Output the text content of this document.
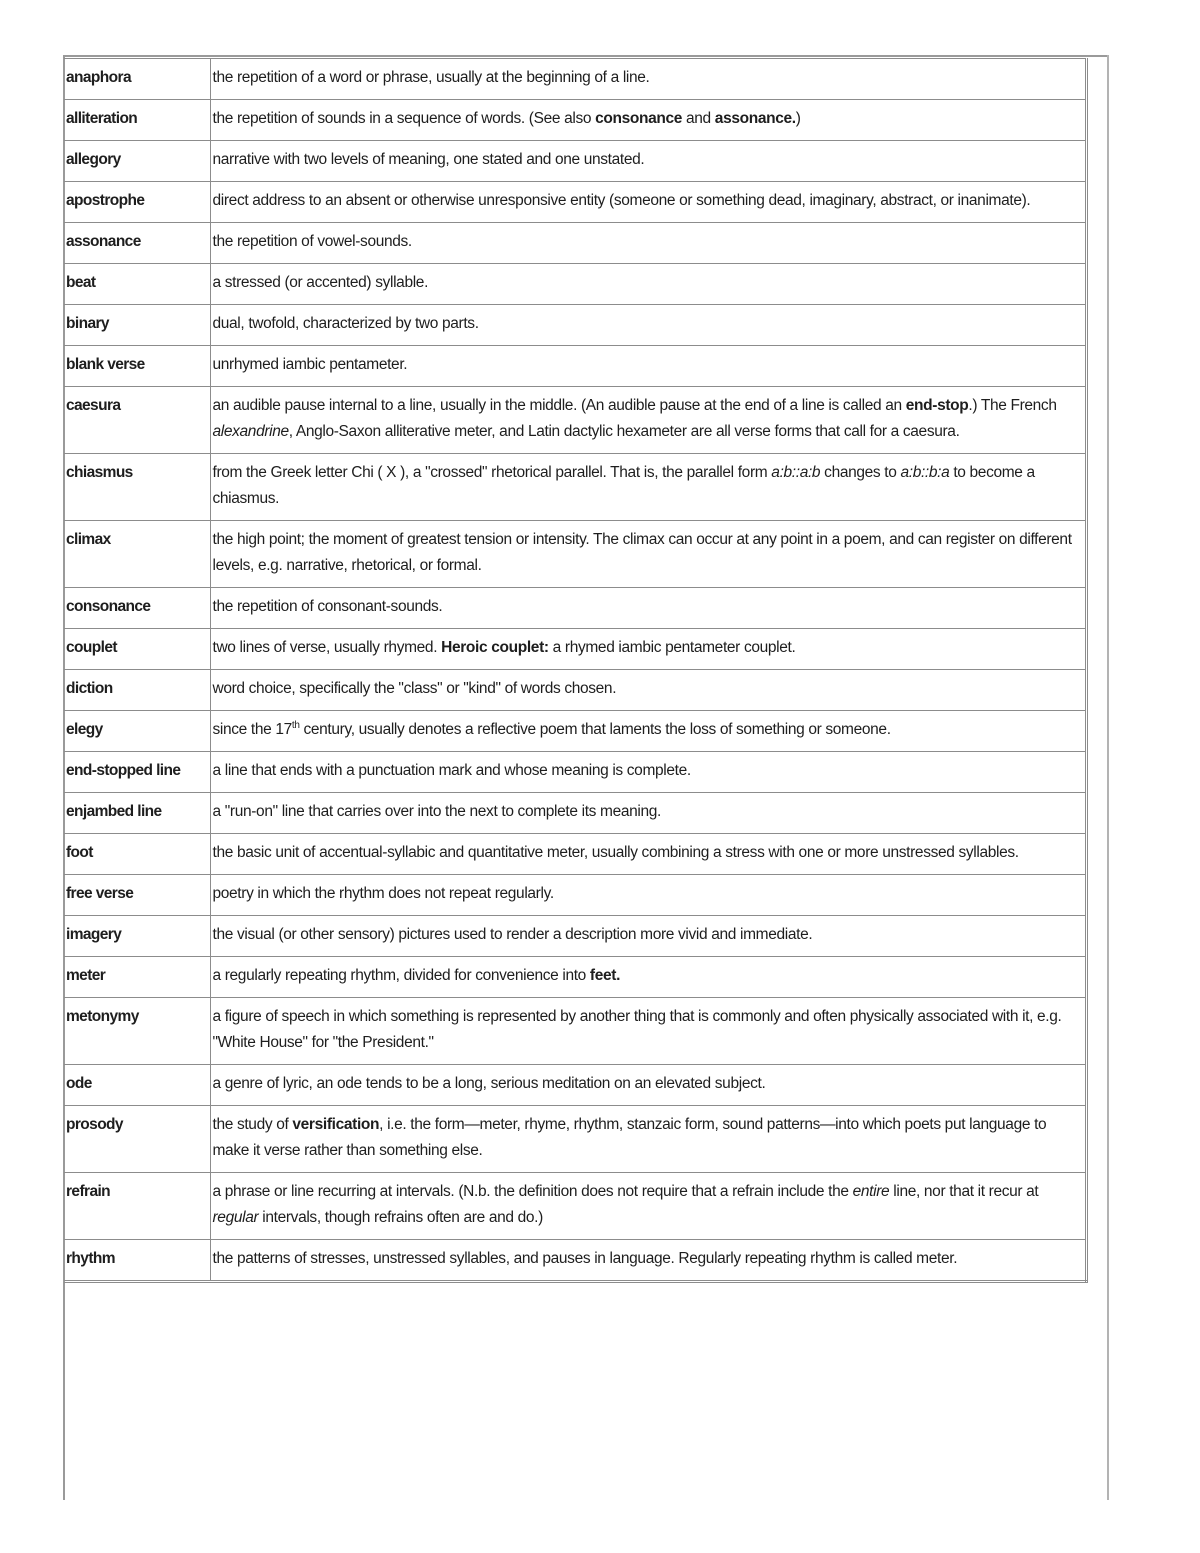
anaphora	the repetition of a word or phrase, usually at the beginning of a line.
alliteration	the repetition of sounds in a sequence of words. (See also consonance and assonance.)
allegory	narrative with two levels of meaning, one stated and one unstated.
apostrophe	direct address to an absent or otherwise unresponsive entity (someone or something dead, imaginary, abstract, or inanimate).
assonance	the repetition of vowel-sounds.
beat	a stressed (or accented) syllable.
binary	dual, twofold, characterized by two parts.
blank verse	unrhymed iambic pentameter.
caesura	an audible pause internal to a line, usually in the middle. (An audible pause at the end of a line is called an end-stop.) The French alexandrine, Anglo-Saxon alliterative meter, and Latin dactylic hexameter are all verse forms that call for a caesura.
chiasmus	from the Greek letter Chi ( X ), a "crossed" rhetorical parallel. That is, the parallel form a:b::a:b changes to a:b::b:a to become a chiasmus.
climax	the high point; the moment of greatest tension or intensity. The climax can occur at any point in a poem, and can register on different levels, e.g. narrative, rhetorical, or formal.
consonance	the repetition of consonant-sounds.
couplet	two lines of verse, usually rhymed. Heroic couplet: a rhymed iambic pentameter couplet.
diction	word choice, specifically the "class" or "kind" of words chosen.
elegy	since the 17th century, usually denotes a reflective poem that laments the loss of something or someone.
end-stopped line	a line that ends with a punctuation mark and whose meaning is complete.
enjambed line	a "run-on" line that carries over into the next to complete its meaning.
foot	the basic unit of accentual-syllabic and quantitative meter, usually combining a stress with one or more unstressed syllables.
free verse	poetry in which the rhythm does not repeat regularly.
imagery	the visual (or other sensory) pictures used to render a description more vivid and immediate.
meter	a regularly repeating rhythm, divided for convenience into feet.
metonymy	a figure of speech in which something is represented by another thing that is commonly and often physically associated with it, e.g. "White House" for "the President."
ode	a genre of lyric, an ode tends to be a long, serious meditation on an elevated subject.
prosody	the study of versification, i.e. the form—meter, rhyme, rhythm, stanzaic form, sound patterns—into which poets put language to make it verse rather than something else.
refrain	a phrase or line recurring at intervals. (N.b. the definition does not require that a refrain include the entire line, nor that it recur at regular intervals, though refrains often are and do.)
rhythm	the patterns of stresses, unstressed syllables, and pauses in language. Regularly repeating rhythm is called meter.
